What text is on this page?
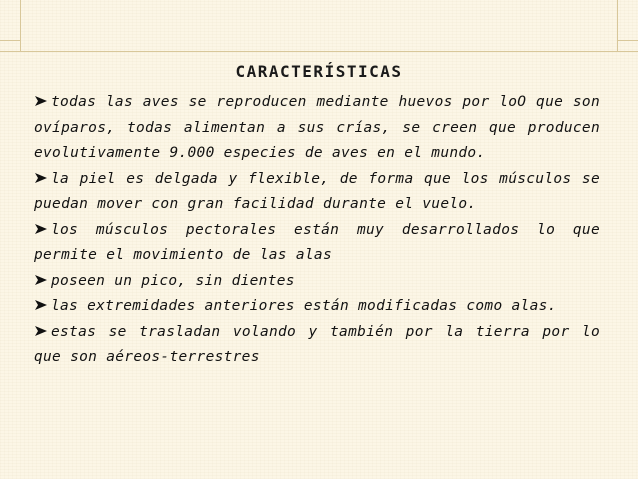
CARACTERÍSTICAS
todas las aves se reproducen mediante huevos por loO que son ovíparos, todas alimentan a sus crías, se creen que producen evolutivamente 9.000 especies de aves en el mundo.
la piel es delgada y flexible, de forma que los músculos se puedan mover con gran facilidad durante el vuelo.
los músculos pectorales están muy desarrollados lo que permite el movimiento de las alas
poseen un pico, sin dientes
las extremidades anteriores están modificadas como alas.
estas se trasladan volando y también por la tierra por lo que son aéreos-terrestres
